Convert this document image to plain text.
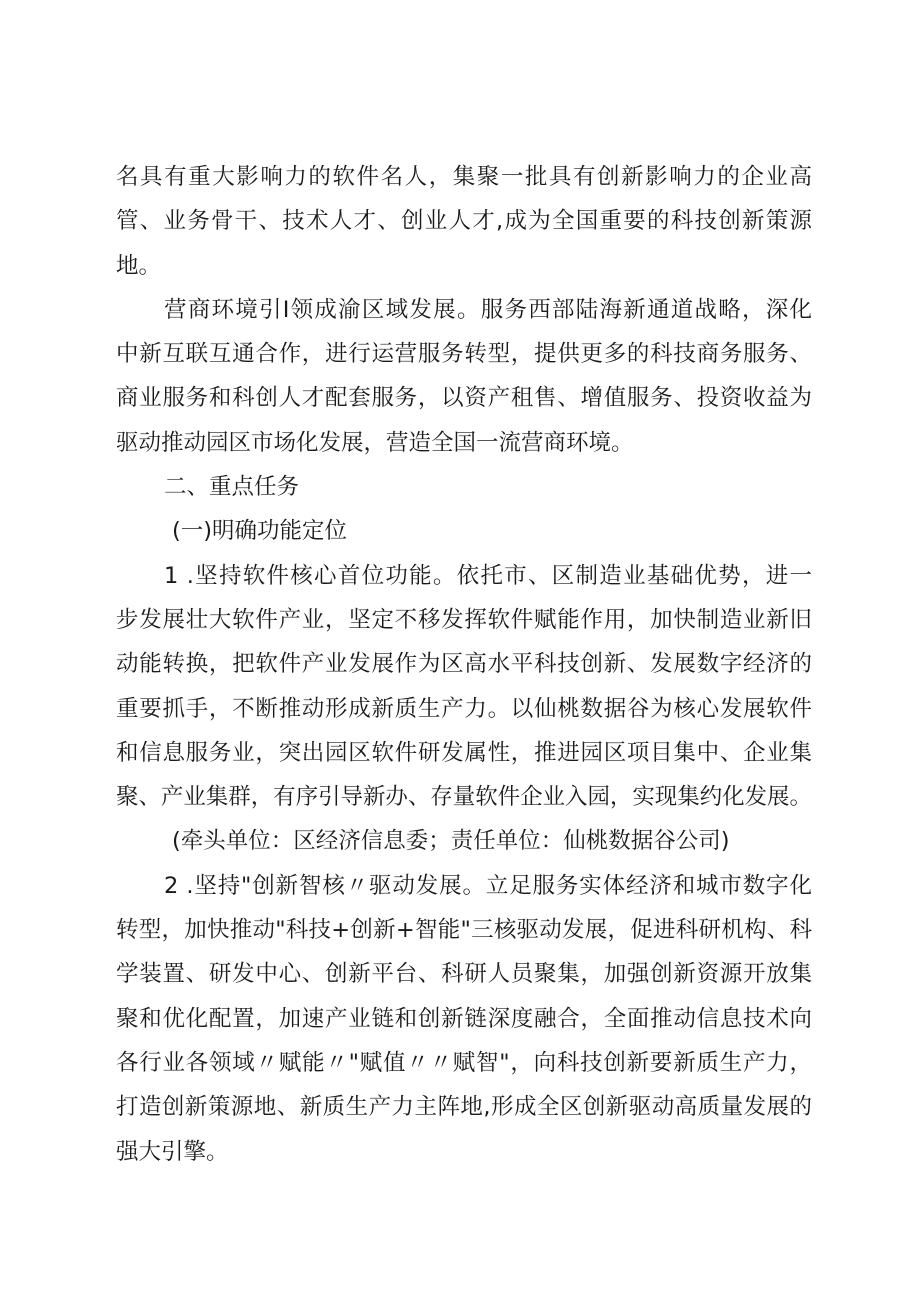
名具有重大影响力的软件名人，集聚一批具有创新影响力的企业高
管、业务骨干、技术人才、创业人才,成为全国重要的科技创新策源
地。
营商环境引I领成渝区域发展。服务西部陆海新通道战略，深化
中新互联互通合作，进行运营服务转型，提供更多的科技商务服务、
商业服务和科创人才配套服务，以资产租售、增值服务、投资收益为
驱动推动园区市场化发展，营造全国一流营商环境。
二、重点任务
(一)明确功能定位
1 .坚持软件核心首位功能。依托市、区制造业基础优势，进一
步发展壮大软件产业，坚定不移发挥软件赋能作用，加快制造业新旧
动能转换，把软件产业发展作为区高水平科技创新、发展数字经济的
重要抓手，不断推动形成新质生产力。以仙桃数据谷为核心发展软件
和信息服务业，突出园区软件研发属性，推进园区项目集中、企业集
聚、产业集群，有序引导新办、存量软件企业入园，实现集约化发展。
(牵头单位：区经济信息委；责任单位：仙桃数据谷公司)
2 .坚持"创新智核〃驱动发展。立足服务实体经济和城市数字化
转型，加快推动"科技+创新+智能"三核驱动发展，促进科研机构、科
学装置、研发中心、创新平台、科研人员聚集，加强创新资源开放集
聚和优化配置，加速产业链和创新链深度融合，全面推动信息技术向
各行业各领域〃赋能〃"赋值〃〃赋智"，向科技创新要新质生产力，
打造创新策源地、新质生产力主阵地,形成全区创新驱动高质量发展的
强大引擎。
